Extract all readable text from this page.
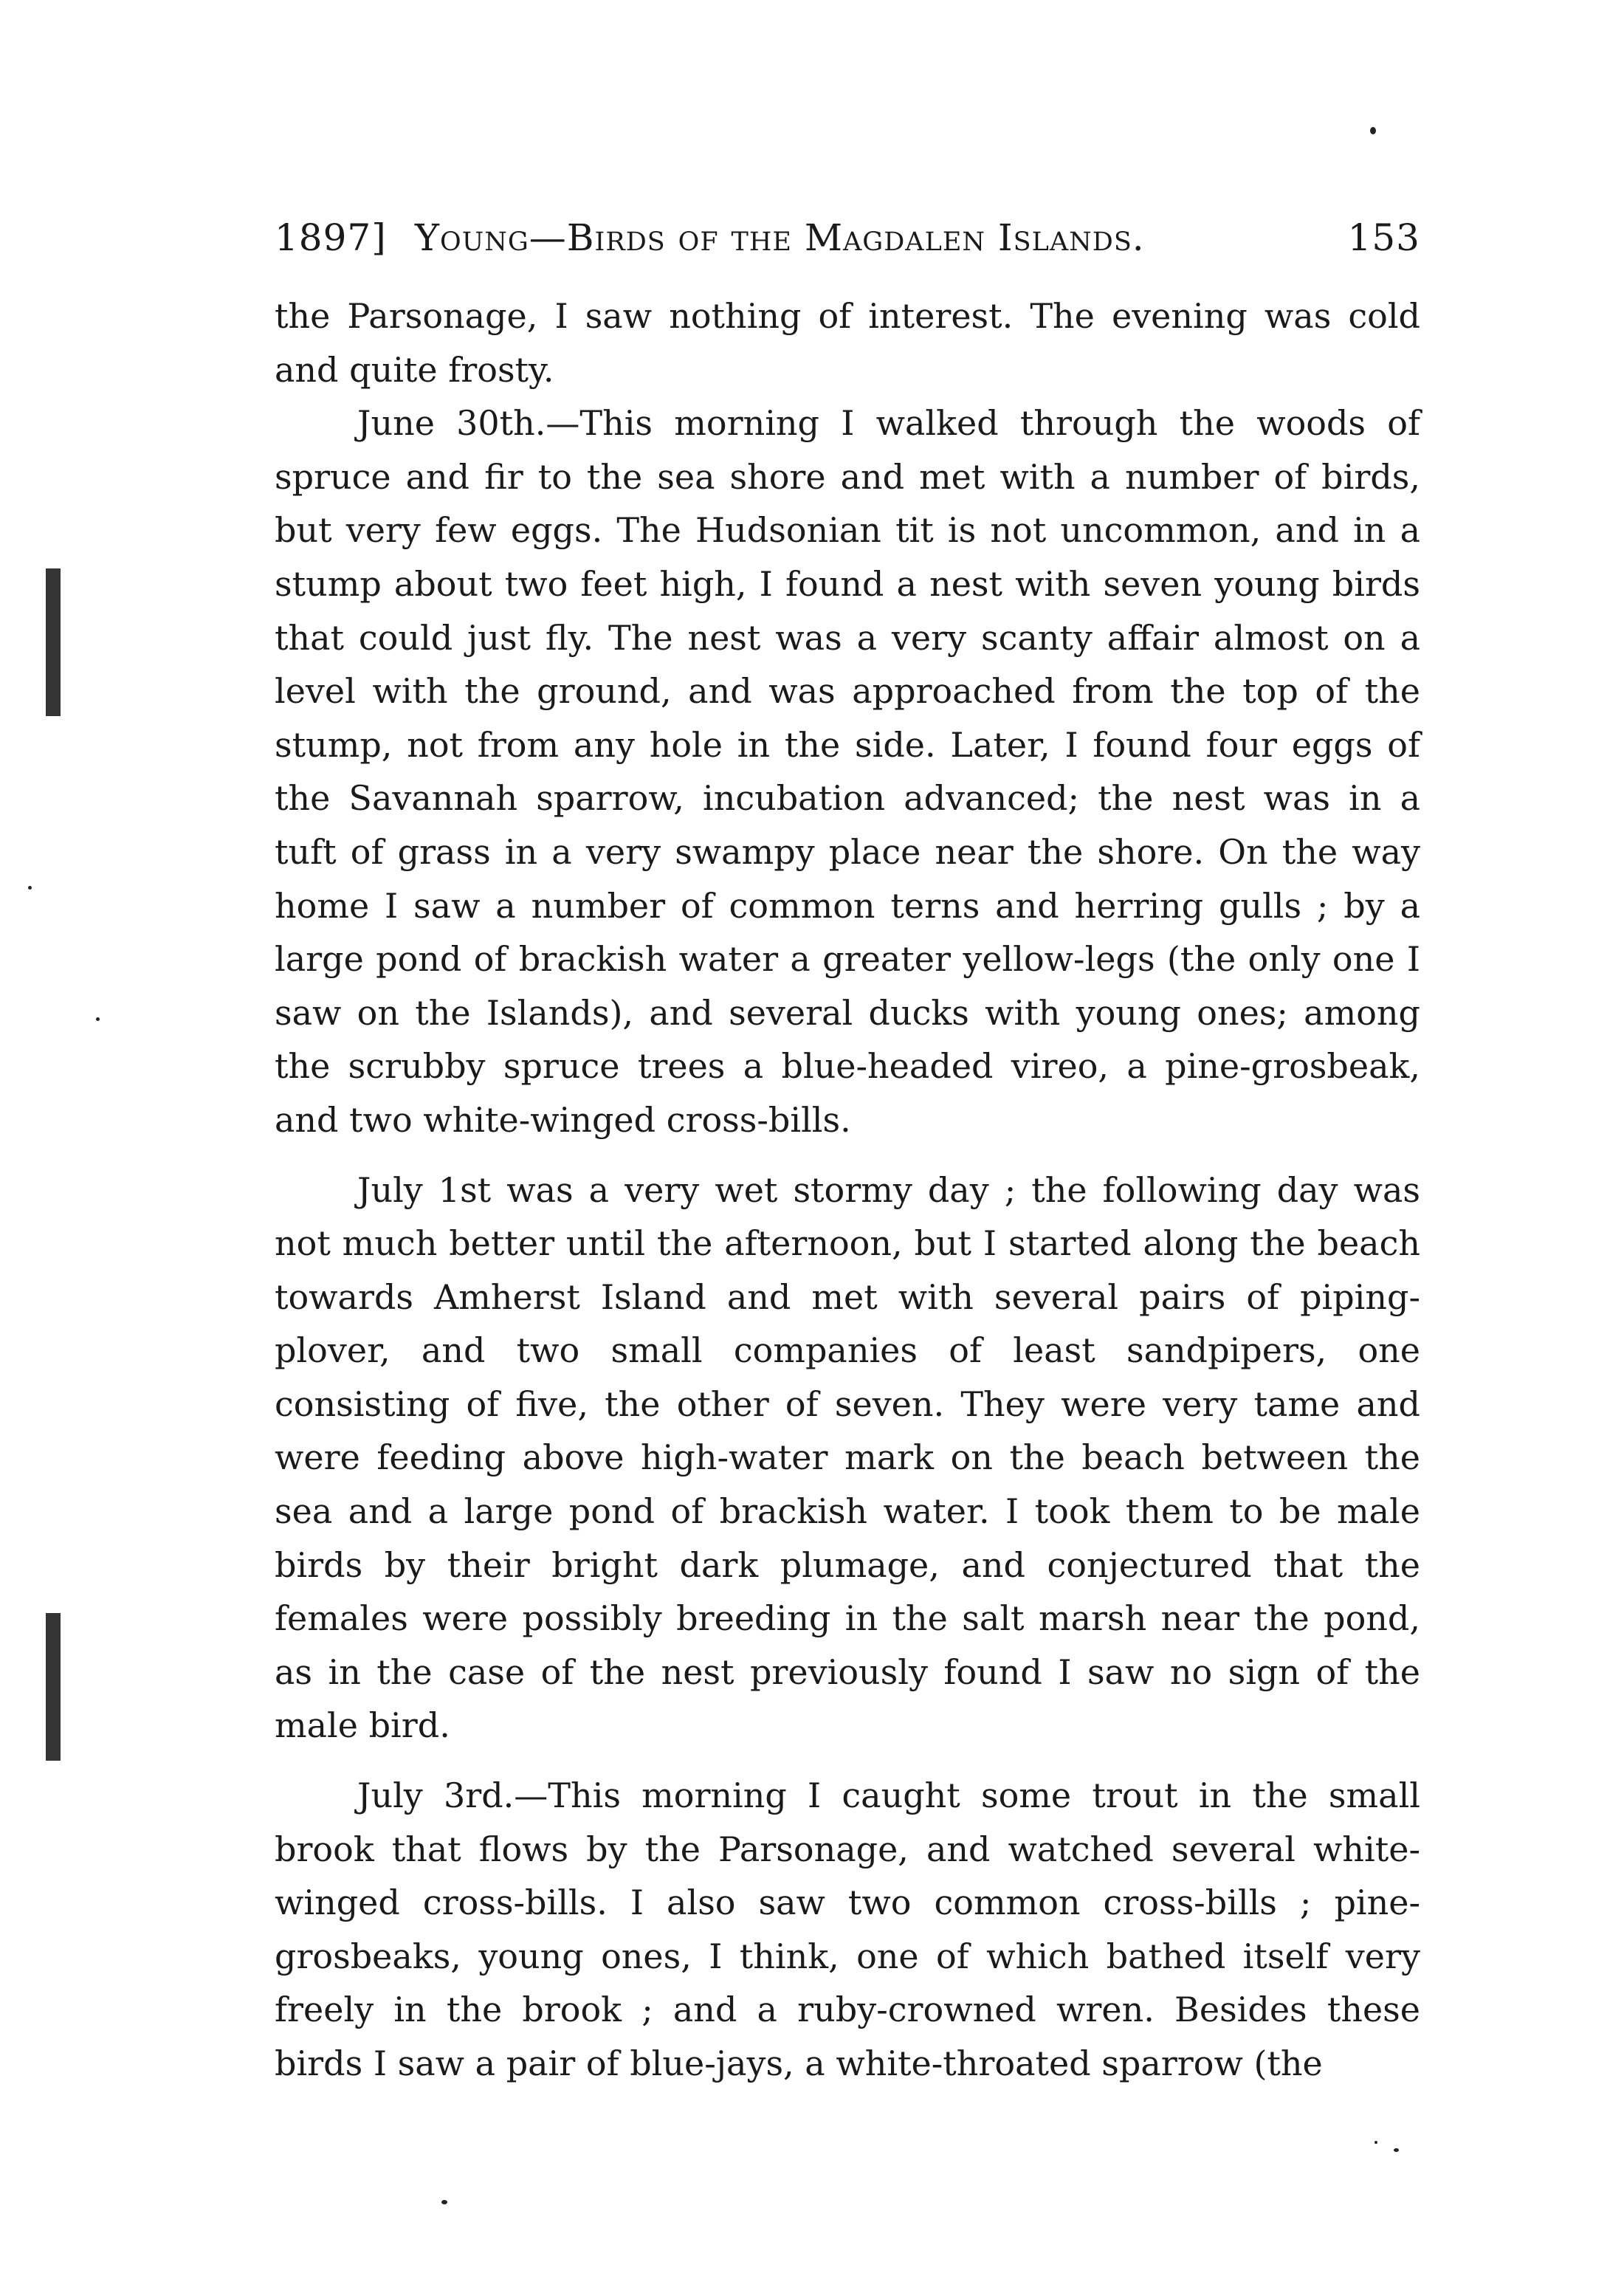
1897] Young—Birds of the Magdalen Islands.	153

the Parsonage, I saw nothing of interest. The evening was cold and quite frosty.

June 30th.—This morning I walked through the woods of spruce and fir to the sea shore and met with a number of birds, but very few eggs. The Hudsonian tit is not uncommon, and in a stump about two feet high, I found a nest with seven young birds that could just fly. The nest was a very scanty affair almost on a level with the ground, and was approached from the top of the stump, not from any hole in the side. Later, I found four eggs of the Savannah sparrow, incubation advanced; the nest was in a tuft of grass in a very swampy place near the shore. On the way home I saw a number of common terns and herring gulls ; by a large pond of brackish water a greater yellow-legs (the only one I saw on the Islands), and several ducks with young ones; among the scrubby spruce trees a blue-headed vireo, a pine-grosbeak, and two white-winged cross-bills.

July 1st was a very wet stormy day ; the following day was not much better until the afternoon, but I started along the beach towards Amherst Island and met with several pairs of piping-plover, and two small companies of least sandpipers, one consisting of five, the other of seven. They were very tame and were feeding above high-water mark on the beach between the sea and a large pond of brackish water. I took them to be male birds by their bright dark plumage, and conjectured that the females were possibly breeding in the salt marsh near the pond, as in the case of the nest previously found I saw no sign of the male bird.

July 3rd.—This morning I caught some trout in the small brook that flows by the Parsonage, and watched several white-winged cross-bills. I also saw two common cross-bills ; pine-grosbeaks, young ones, I think, one of which bathed itself very freely in the brook ; and a ruby-crowned wren. Besides these birds I saw a pair of blue-jays, a white-throated sparrow (the
